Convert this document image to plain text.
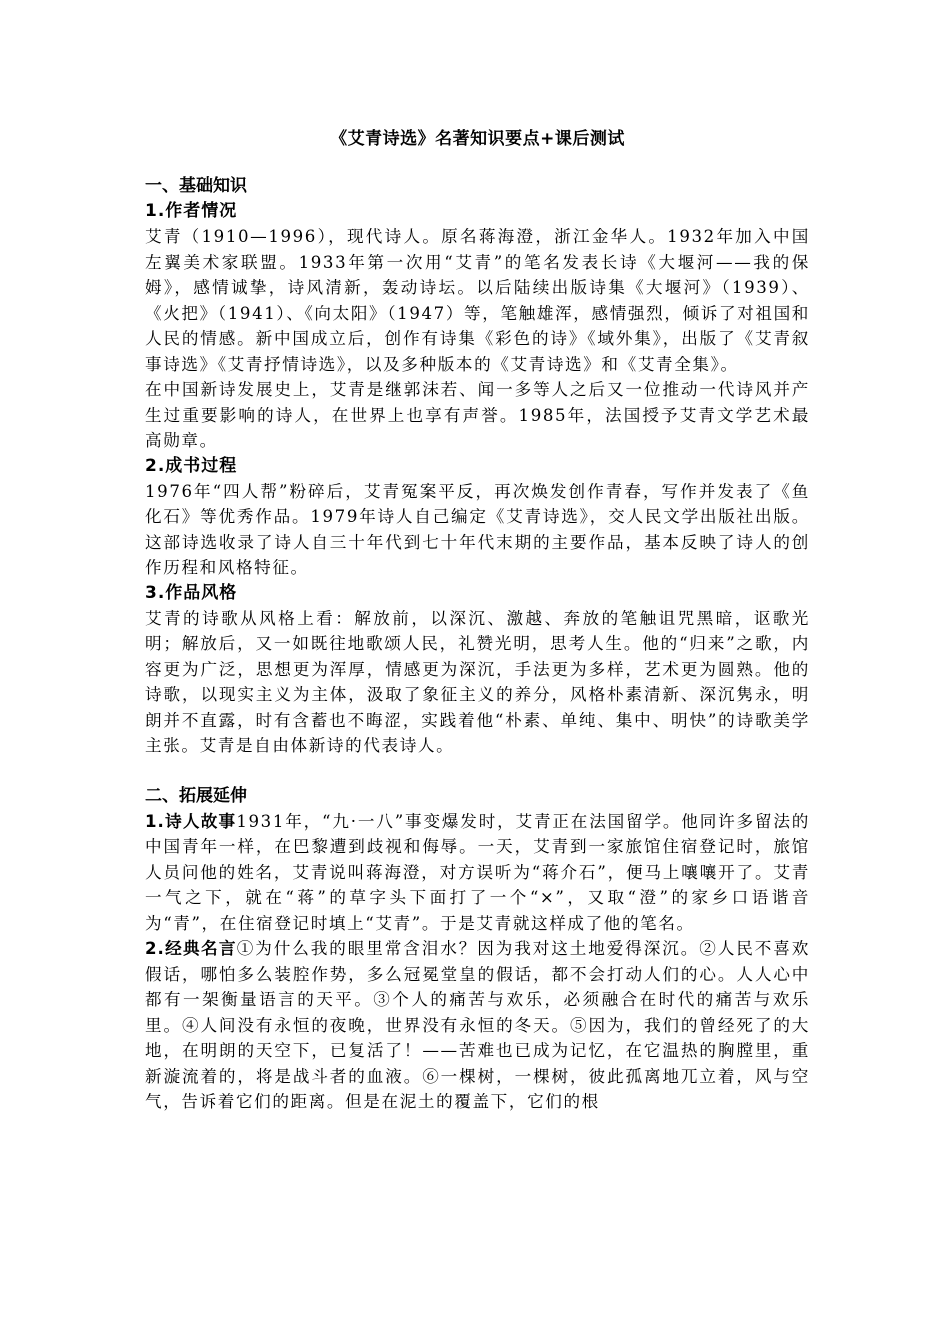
《艾青诗选》名著知识要点+课后测试
一、基础知识
1.作者情况

艾青（1910—1996），现代诗人。原名蒋海澄，浙江金华人。1932年加入中国左翼美术家联盟。1933年第一次用“艾青”的笔名发表长诗《大堰河——我的保姆》，感情诚挚，诗风清新，轰动诗坛。以后陆续出版诗集《大堰河》（1939）、《火把》（1941）、《向太阳》（1947）等，笔触雄浑，感情强烈，倾诉了对祖国和人民的情感。新中国成立后，创作有诗集《彩色的诗》《域外集》，出版了《艾青叙事诗选》《艾青抒情诗选》，以及多种版本的《艾青诗选》和《艾青全集》。

在中国新诗发展史上，艾青是继郭沫若、闻一多等人之后又一位推动一代诗风并产生过重要影响的诗人，在世界上也享有声誉。1985年，法国授予艾青文学艺术最高勋章。

2.成书过程

1976年“四人帮”粉碎后，艾青冤案平反，再次焕发创作青春，写作并发表了《鱼化石》等优秀作品。1979年诗人自己编定《艾青诗选》，交人民文学出版社出版。这部诗选收录了诗人自三十年代到七十年代末期的主要作品，基本反映了诗人的创作历程和风格特征。

3.作品风格

艾青的诗歌从风格上看：解放前，以深沉、激越、奔放的笔触诅咒黑暗，讴歌光明；解放后，又一如既往地歌颂人民，礼赞光明，思考人生。他的“归来”之歌，内容更为广泛，思想更为浑厚，情感更为深沉，手法更为多样，艺术更为圆熟。他的诗歌，以现实主义为主体，汲取了象征主义的养分，风格朴素清新、深沉隽永，明朗并不直露，时有含蓄也不晦涩，实践着他“朴素、单纯、集中、明快”的诗歌美学主张。艾青是自由体新诗的代表诗人。

二、拓展延伸

1.诗人故事1931年，“九·一八”事变爆发时，艾青正在法国留学。他同许多留法的中国青年一样，在巴黎遭到歧视和侮辱。一天，艾青到一家旅馆住宿登记时，旅馆人员问他的姓名，艾青说叫蒋海澄，对方误听为“蒋介石”，便马上嚷嚷开了。艾青一气之下，就在“蒋”的草字头下面打了一个“×”，又取“澄”的家乡口语谐音为“青”，在住宿登记时填上“艾青”。于是艾青就这样成了他的笔名。

2.经典名言①为什么我的眼里常含泪水？因为我对这土地爱得深沉。②人民不喜欢假话，哪怕多么装腔作势，多么冠冕堂皇的假话，都不会打动人们的心。人人心中都有一架衡量语言的天平。③个人的痛苦与欢乐，必须融合在时代的痛苦与欢乐里。④人间没有永恒的夜晚，世界没有永恒的冬天。⑤因为，我们的曾经死了的大地，在明朗的天空下，已复活了！——苦难也已成为记忆，在它温热的胸膛里，重新漩流着的，将是战斗者的血液。⑥一棵树，一棵树，彼此孤离地兀立着，风与空气，告诉着它们的距离。但是在泥土的覆盖下，它们的根
